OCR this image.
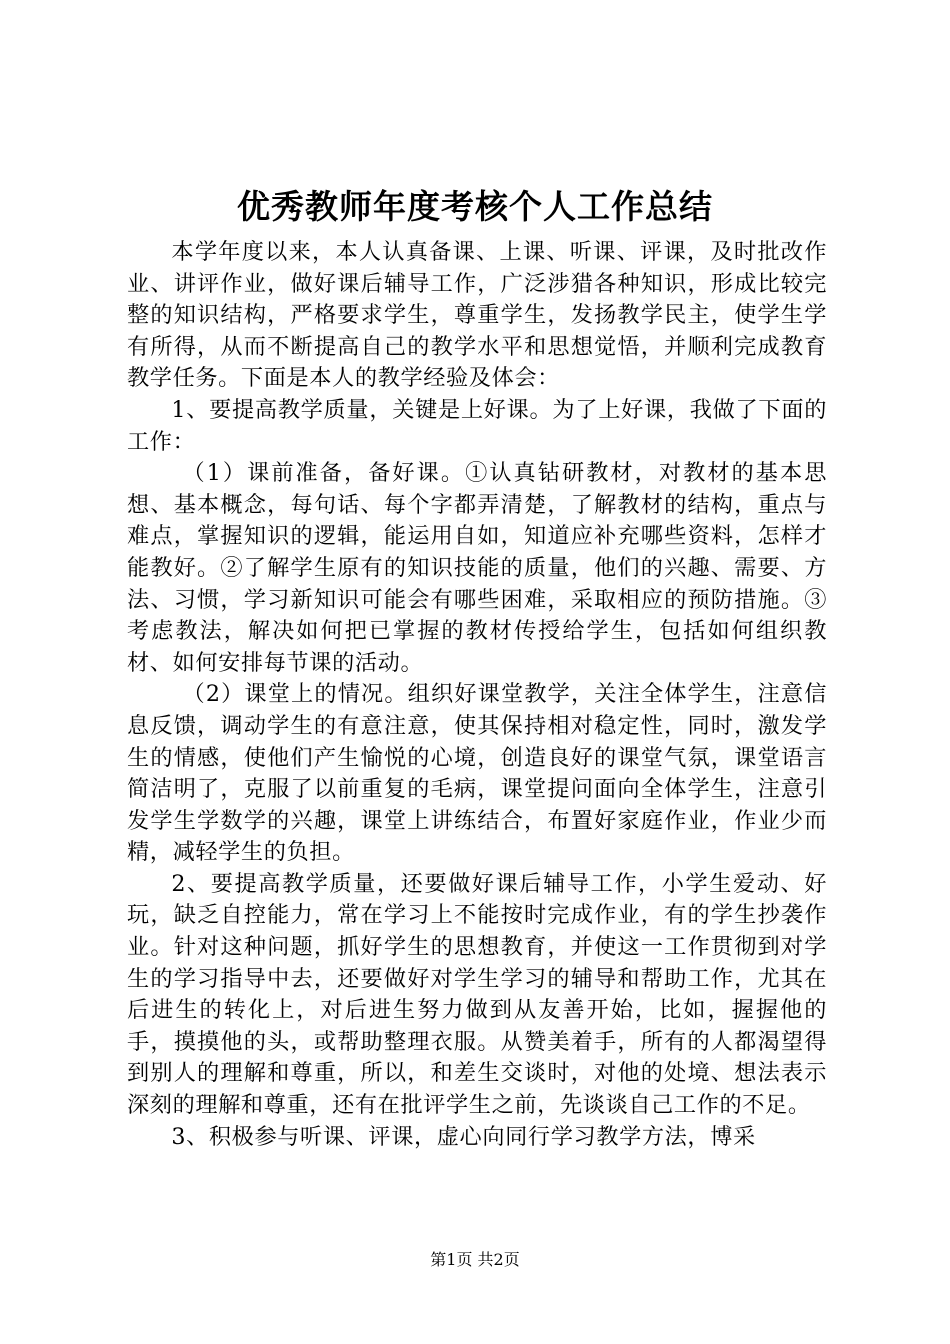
优秀教师年度考核个人工作总结

本学年度以来，本人认真备课、上课、听课、评课，及时批改作业、讲评作业，做好课后辅导工作，广泛涉猎各种知识，形成比较完整的知识结构，严格要求学生，尊重学生，发扬教学民主，使学生学有所得，从而不断提高自己的教学水平和思想觉悟，并顺利完成教育教学任务。下面是本人的教学经验及体会：

1、要提高教学质量，关键是上好课。为了上好课，我做了下面的工作：

（1）课前准备，备好课。①认真钻研教材，对教材的基本思想、基本概念，每句话、每个字都弄清楚，了解教材的结构，重点与难点，掌握知识的逻辑，能运用自如，知道应补充哪些资料，怎样才能教好。②了解学生原有的知识技能的质量，他们的兴趣、需要、方法、习惯，学习新知识可能会有哪些困难，采取相应的预防措施。③考虑教法，解决如何把已掌握的教材传授给学生，包括如何组织教材、如何安排每节课的活动。

（2）课堂上的情况。组织好课堂教学，关注全体学生，注意信息反馈，调动学生的有意注意，使其保持相对稳定性，同时，激发学生的情感，使他们产生愉悦的心境，创造良好的课堂气氛，课堂语言简洁明了，克服了以前重复的毛病，课堂提问面向全体学生，注意引发学生学数学的兴趣，课堂上讲练结合，布置好家庭作业，作业少而精，减轻学生的负担。

2、要提高教学质量，还要做好课后辅导工作，小学生爱动、好玩，缺乏自控能力，常在学习上不能按时完成作业，有的学生抄袭作业。针对这种问题，抓好学生的思想教育，并使这一工作贯彻到对学生的学习指导中去，还要做好对学生学习的辅导和帮助工作，尤其在后进生的转化上，对后进生努力做到从友善开始，比如，握握他的手，摸摸他的头，或帮助整理衣服。从赞美着手，所有的人都渴望得到别人的理解和尊重，所以，和差生交谈时，对他的处境、想法表示深刻的理解和尊重，还有在批评学生之前，先谈谈自己工作的不足。

3、积极参与听课、评课，虚心向同行学习教学方法，博采

第1页 共2页
